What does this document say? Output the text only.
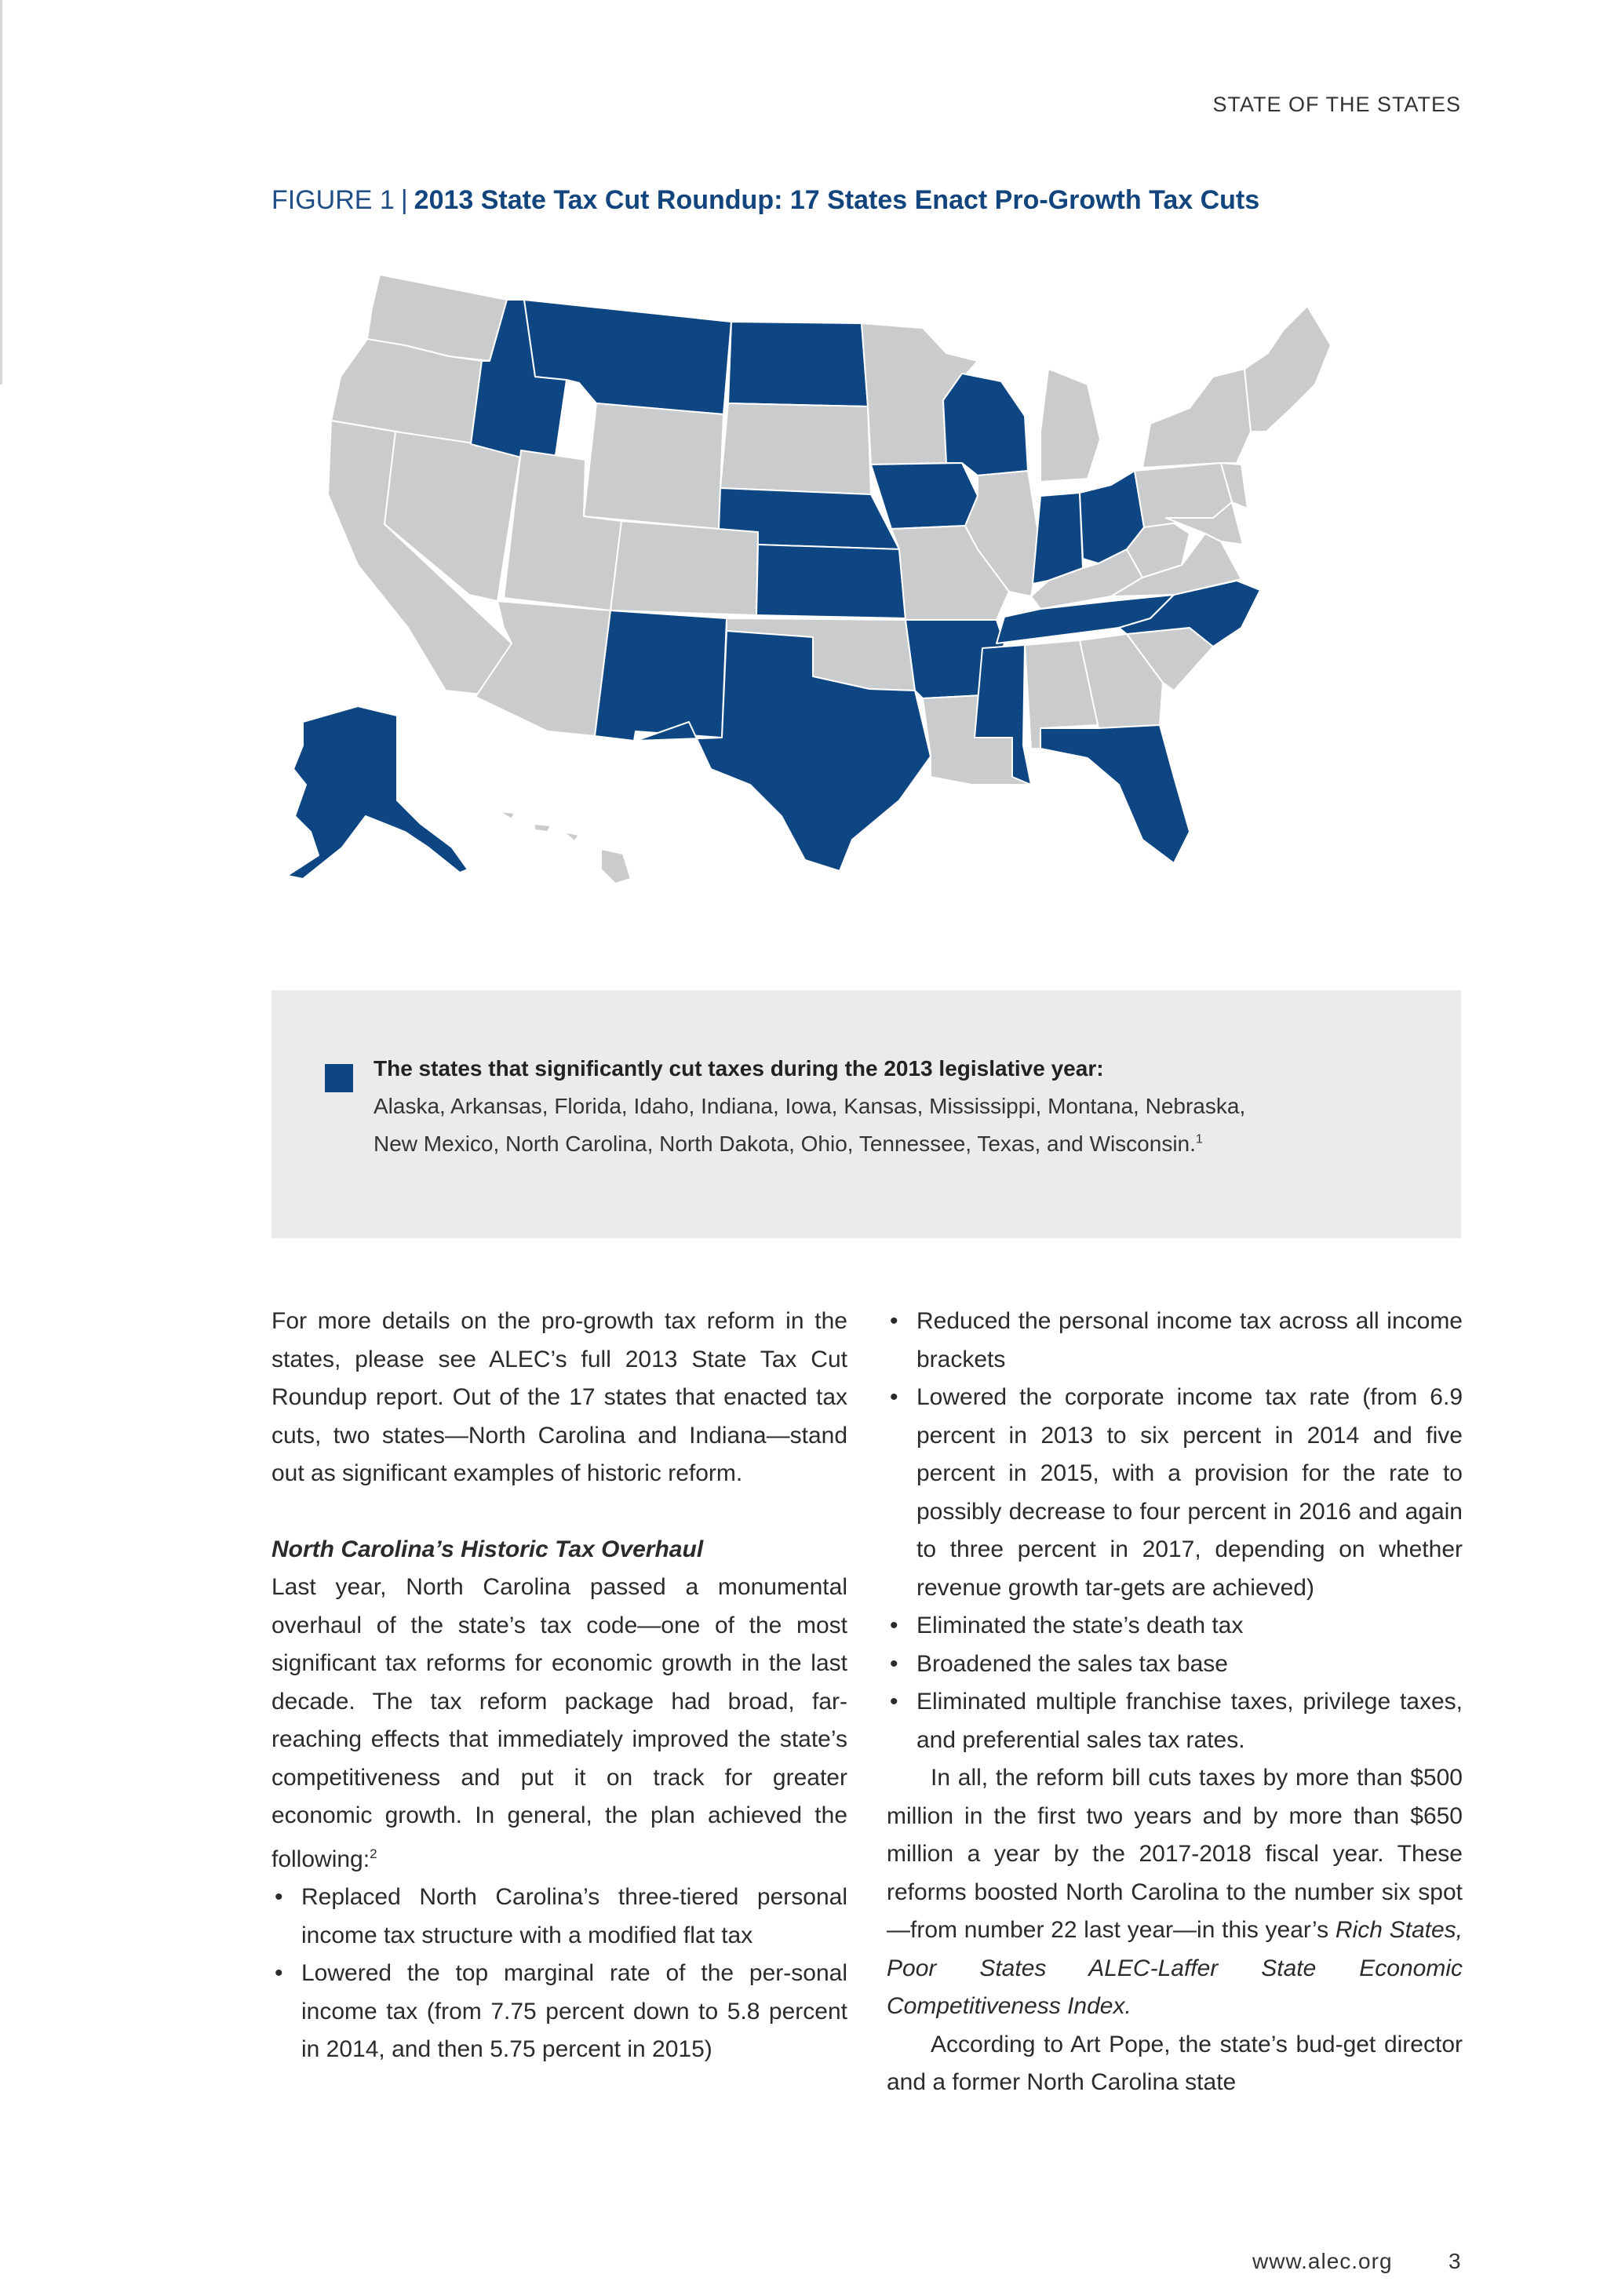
STATE OF THE STATES
FIGURE 1 | 2013 State Tax Cut Roundup: 17 States Enact Pro-Growth Tax Cuts
The states that significantly cut taxes during the 2013 legislative year:
Alaska, Arkansas, Florida, Idaho, Indiana, Iowa, Kansas, Mississippi, Montana, Nebraska,
New Mexico, North Carolina, North Dakota, Ohio, Tennessee, Texas, and Wisconsin.$^1$

For more details on the pro-growth tax reform in the states, please see ALEC’s full 2013 State Tax Cut Roundup report. Out of the 17 states that enacted tax cuts, two states—North Carolina and Indiana—stand out as significant examples of historic reform.

North Carolina’s Historic Tax Overhaul

Last year, North Carolina passed a monumental overhaul of the state’s tax code—one of the most significant tax reforms for economic growth in the last decade. The tax reform package had broad, far-reaching effects that immediately improved the state’s competitiveness and put it on track for greater economic growth. In general, the plan achieved the following:$^2$

• Replaced North Carolina’s three-tiered personal income tax structure with a modified flat tax
• Lowered the top marginal rate of the per-sonal income tax (from 7.75 percent down to 5.8 percent in 2014, and then 5.75 percent in 2015)
• Reduced the personal income tax across all income brackets
• Lowered the corporate income tax rate (from 6.9 percent in 2013 to six percent in 2014 and five percent in 2015, with a provision for the rate to possibly decrease to four percent in 2016 and again to three percent in 2017, depending on whether revenue growth tar-gets are achieved)
• Eliminated the state’s death tax
• Broadened the sales tax base
• Eliminated multiple franchise taxes, privilege taxes, and preferential sales tax rates.

In all, the reform bill cuts taxes by more than $500 million in the first two years and by more than $650 million a year by the 2017-2018 fiscal year. These reforms boosted North Carolina to the number six spot—from number 22 last year—in this year’s Rich States, Poor States ALEC-Laffer State Economic Competitiveness Index.

According to Art Pope, the state’s bud-get director and a former North Carolina state

www.alec.org	3
